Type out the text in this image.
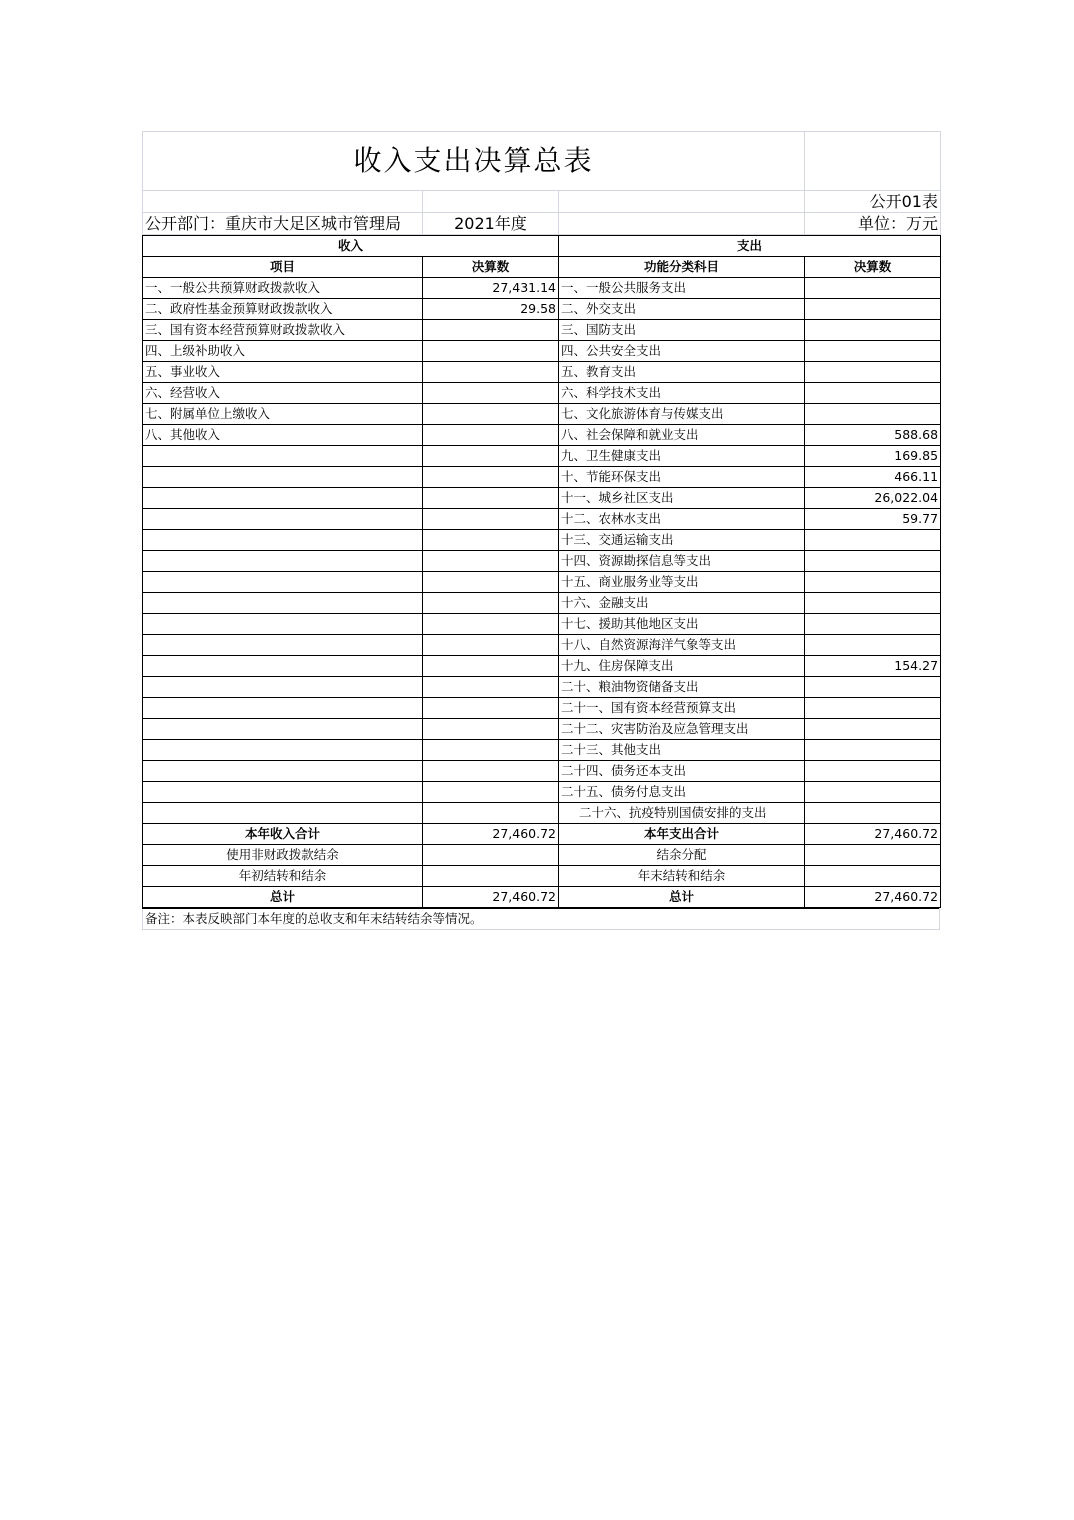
收入支出决算总表			
			公开01表
公开部门：重庆市大足区城市管理局	2021年度		单位：万元
收入		支出	
项目	决算数	功能分类科目	决算数
一、一般公共预算财政拨款收入	27,431.14	一、一般公共服务支出	
二、政府性基金预算财政拨款收入	29.58	二、外交支出	
三、国有资本经营预算财政拨款收入		三、国防支出	
四、上级补助收入		四、公共安全支出	
五、事业收入		五、教育支出	
六、经营收入		六、科学技术支出	
七、附属单位上缴收入		七、文化旅游体育与传媒支出	
八、其他收入		八、社会保障和就业支出	588.68
		九、卫生健康支出	169.85
		十、节能环保支出	466.11
		十一、城乡社区支出	26,022.04
		十二、农林水支出	59.77
		十三、交通运输支出	
		十四、资源勘探信息等支出	
		十五、商业服务业等支出	
		十六、金融支出	
		十七、援助其他地区支出	
		十八、自然资源海洋气象等支出	
		十九、住房保障支出	154.27
		二十、粮油物资储备支出	
		二十一、国有资本经营预算支出	
		二十二、灾害防治及应急管理支出	
		二十三、其他支出	
		二十四、债务还本支出	
		二十五、债务付息支出	
		二十六、抗疫特别国债安排的支出	
本年收入合计	27,460.72	本年支出合计	27,460.72
使用非财政拨款结余		结余分配	
年初结转和结余		年末结转和结余	
总计	27,460.72	总计	27,460.72
备注：本表反映部门本年度的总收支和年末结转结余等情况。
